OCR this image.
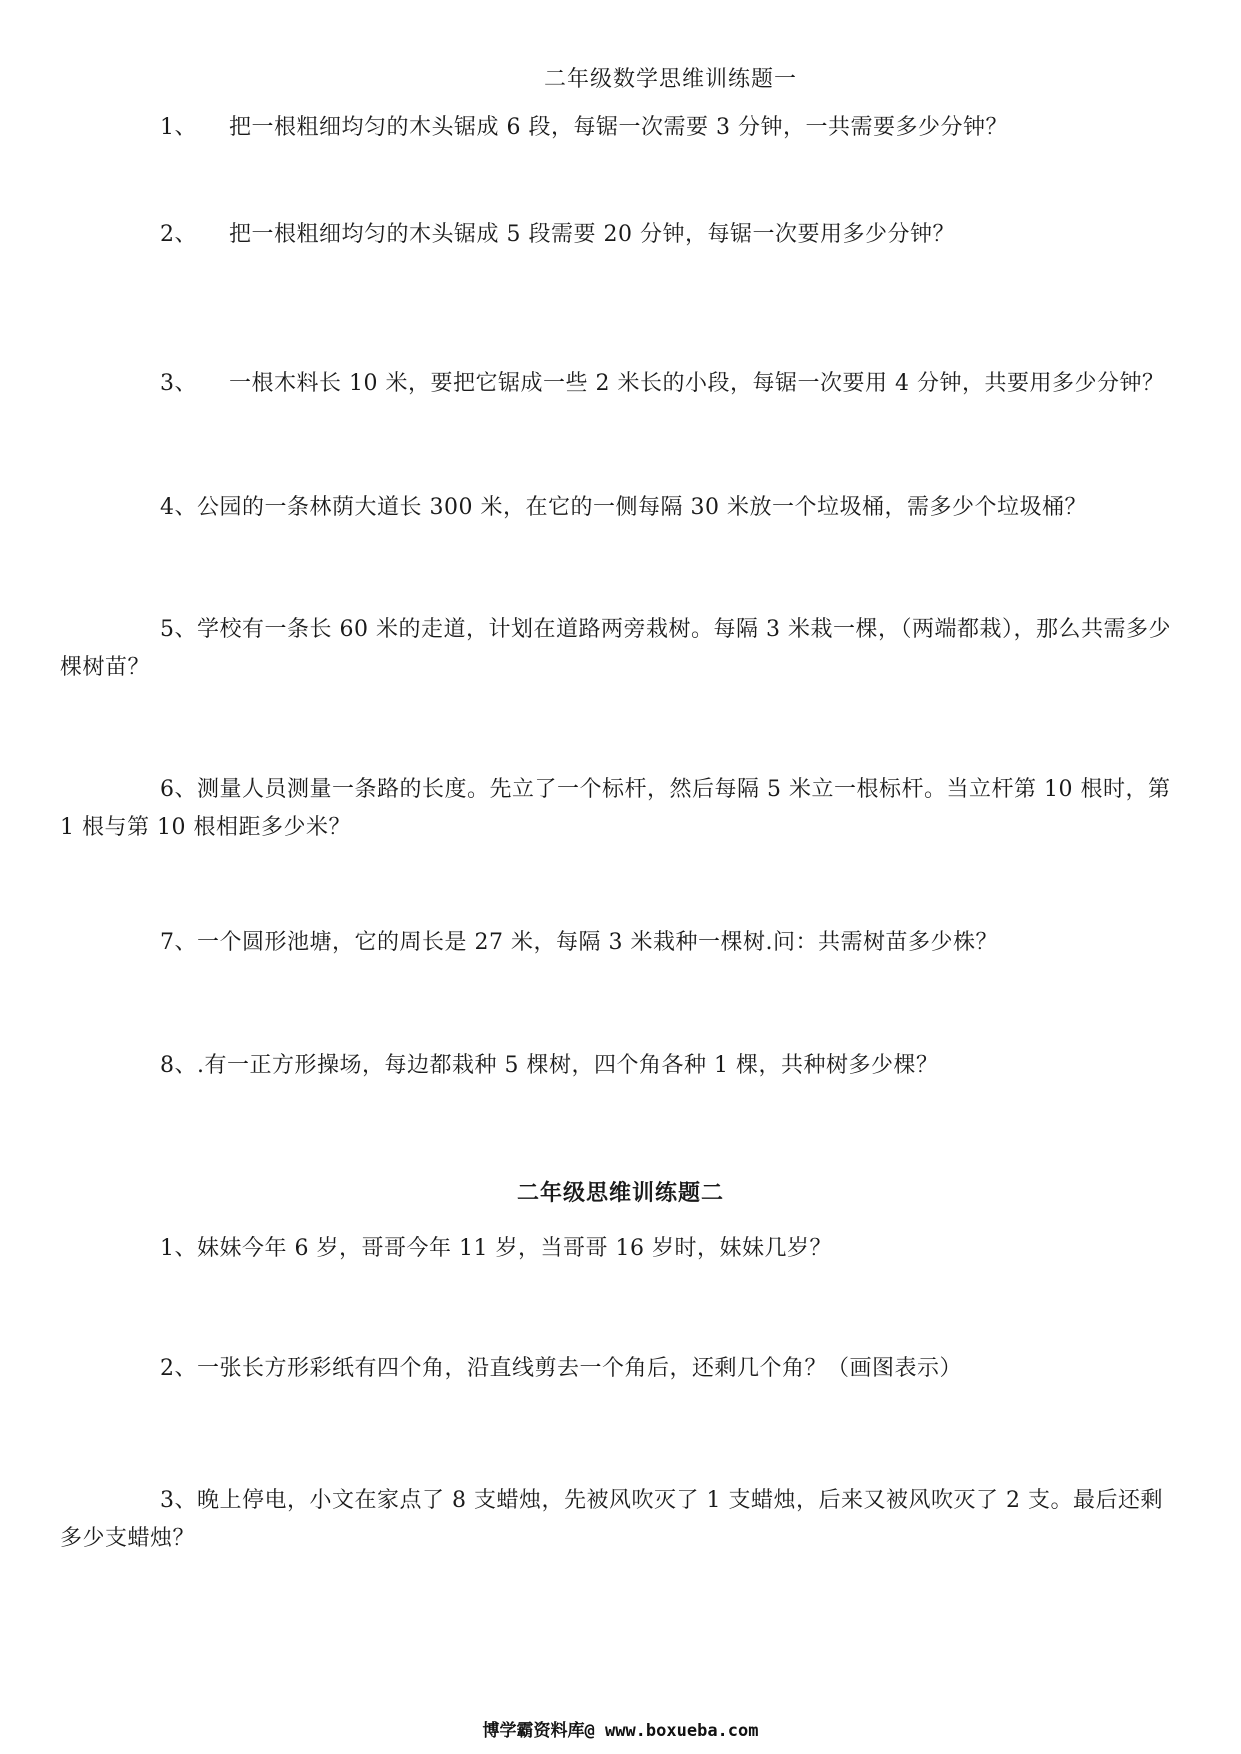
二年级数学思维训练题一
1、 把一根粗细均匀的木头锯成 6 段，每锯一次需要 3 分钟，一共需要多少分钟？
2、 把一根粗细均匀的木头锯成 5 段需要 20 分钟，每锯一次要用多少分钟？
3、 一根木料长 10 米，要把它锯成一些 2 米长的小段，每锯一次要用 4 分钟，共要用多少分钟？
4、公园的一条林荫大道长 300 米，在它的一侧每隔 30 米放一个垃圾桶，需多少个垃圾桶？
5、学校有一条长 60 米的走道，计划在道路两旁栽树。每隔 3 米栽一棵，（两端都栽），那么共需多少棵树苗？
6、测量人员测量一条路的长度。先立了一个标杆，然后每隔 5 米立一根标杆。当立杆第 10 根时，第 1 根与第 10 根相距多少米？
7、一个圆形池塘，它的周长是 27 米，每隔 3 米栽种一棵树.问：共需树苗多少株？
8、.有一正方形操场，每边都栽种 5 棵树，四个角各种 1 棵，共种树多少棵？
二年级思维训练题二
1、妹妹今年 6 岁，哥哥今年 11 岁，当哥哥 16 岁时，妹妹几岁？
2、一张长方形彩纸有四个角，沿直线剪去一个角后，还剩几个角？（画图表示）
3、晚上停电，小文在家点了 8 支蜡烛，先被风吹灭了 1 支蜡烛，后来又被风吹灭了 2 支。最后还剩多少支蜡烛？
博学霸资料库@ www.boxueba.com
